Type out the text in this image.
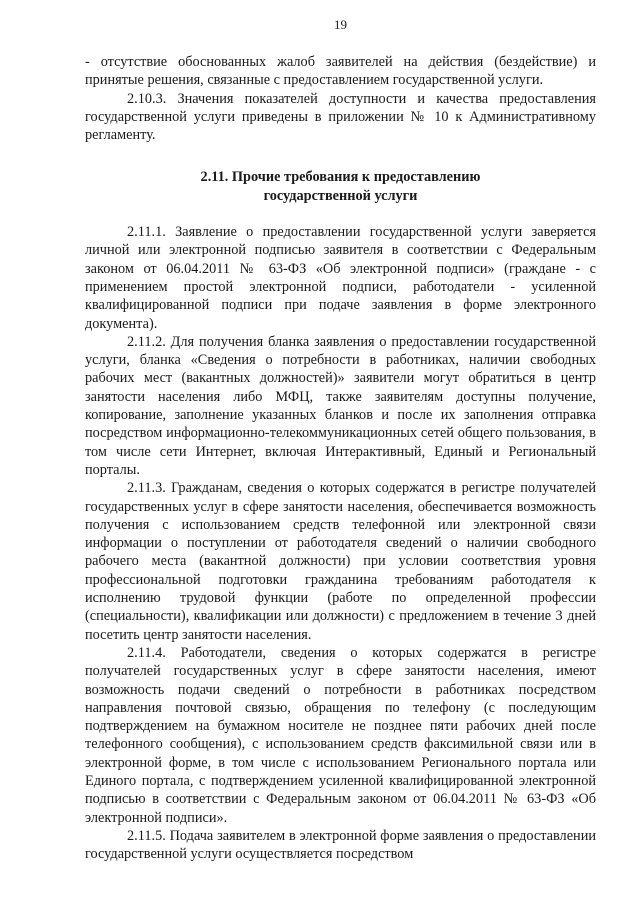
19

- отсутствие обоснованных жалоб заявителей на действия (бездействие) и принятые решения, связанные с предоставлением государственной услуги.

2.10.3. Значения показателей доступности и качества предоставления государственной услуги приведены в приложении № 10 к Административному регламенту.

2.11. Прочие требования к предоставлению
государственной услуги

2.11.1. Заявление о предоставлении государственной услуги заверяется личной или электронной подписью заявителя в соответствии с Федеральным законом от 06.04.2011 № 63-ФЗ «Об электронной подписи» (граждане - с применением простой электронной подписи, работодатели - усиленной квалифицированной подписи при подаче заявления в форме электронного документа).

2.11.2. Для получения бланка заявления о предоставлении государственной услуги, бланка «Сведения о потребности в работниках, наличии свободных рабочих мест (вакантных должностей)» заявители могут обратиться в центр занятости населения либо МФЦ, также заявителям доступны получение, копирование, заполнение указанных бланков и после их заполнения отправка посредством информационно-телекоммуникационных сетей общего пользования, в том числе сети Интернет, включая Интерактивный, Единый и Региональный порталы.

2.11.3. Гражданам, сведения о которых содержатся в регистре получателей государственных услуг в сфере занятости населения, обеспечивается возможность получения с использованием средств телефонной или электронной связи информации о поступлении от работодателя сведений о наличии свободного рабочего места (вакантной должности) при условии соответствия уровня профессиональной подготовки гражданина требованиям работодателя к исполнению трудовой функции (работе по определенной профессии (специальности), квалификации или должности) с предложением в течение 3 дней посетить центр занятости населения.

2.11.4. Работодатели, сведения о которых содержатся в регистре получателей государственных услуг в сфере занятости населения, имеют возможность подачи сведений о потребности в работниках посредством направления почтовой связью, обращения по телефону (с последующим подтверждением на бумажном носителе не позднее пяти рабочих дней после телефонного сообщения), с использованием средств факсимильной связи или в электронной форме, в том числе с использованием Регионального портала или Единого портала, с подтверждением усиленной квалифицированной электронной подписью в соответствии с Федеральным законом от 06.04.2011 № 63-ФЗ «Об электронной подписи».

2.11.5. Подача заявителем в электронной форме заявления о предоставлении государственной услуги осуществляется посредством
